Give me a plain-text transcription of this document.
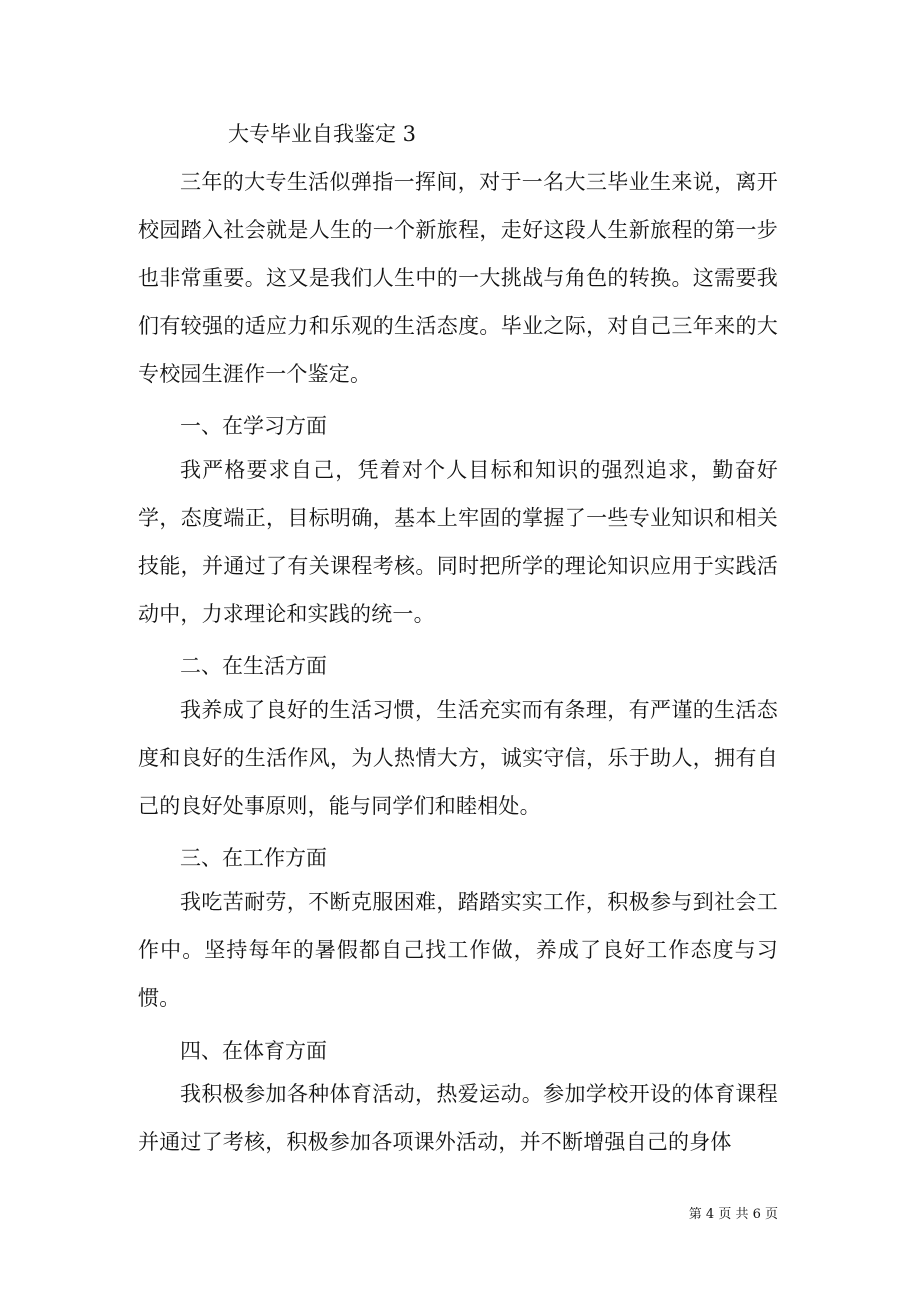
大专毕业自我鉴定 3
三年的大专生活似弹指一挥间，对于一名大三毕业生来说，离开校园踏入社会就是人生的一个新旅程，走好这段人生新旅程的第一步也非常重要。这又是我们人生中的一大挑战与角色的转换。这需要我们有较强的适应力和乐观的生活态度。毕业之际，对自己三年来的大专校园生涯作一个鉴定。
一、在学习方面
我严格要求自己，凭着对个人目标和知识的强烈追求，勤奋好学，态度端正，目标明确，基本上牢固的掌握了一些专业知识和相关技能，并通过了有关课程考核。同时把所学的理论知识应用于实践活动中，力求理论和实践的统一。
二、在生活方面
我养成了良好的生活习惯，生活充实而有条理，有严谨的生活态度和良好的生活作风，为人热情大方，诚实守信，乐于助人，拥有自己的良好处事原则，能与同学们和睦相处。
三、在工作方面
我吃苦耐劳，不断克服困难，踏踏实实工作，积极参与到社会工作中。坚持每年的暑假都自己找工作做，养成了良好工作态度与习惯。
四、在体育方面
我积极参加各种体育活动，热爱运动。参加学校开设的体育课程并通过了考核，积极参加各项课外活动，并不断增强自己的身体
第 4 页 共 6 页
